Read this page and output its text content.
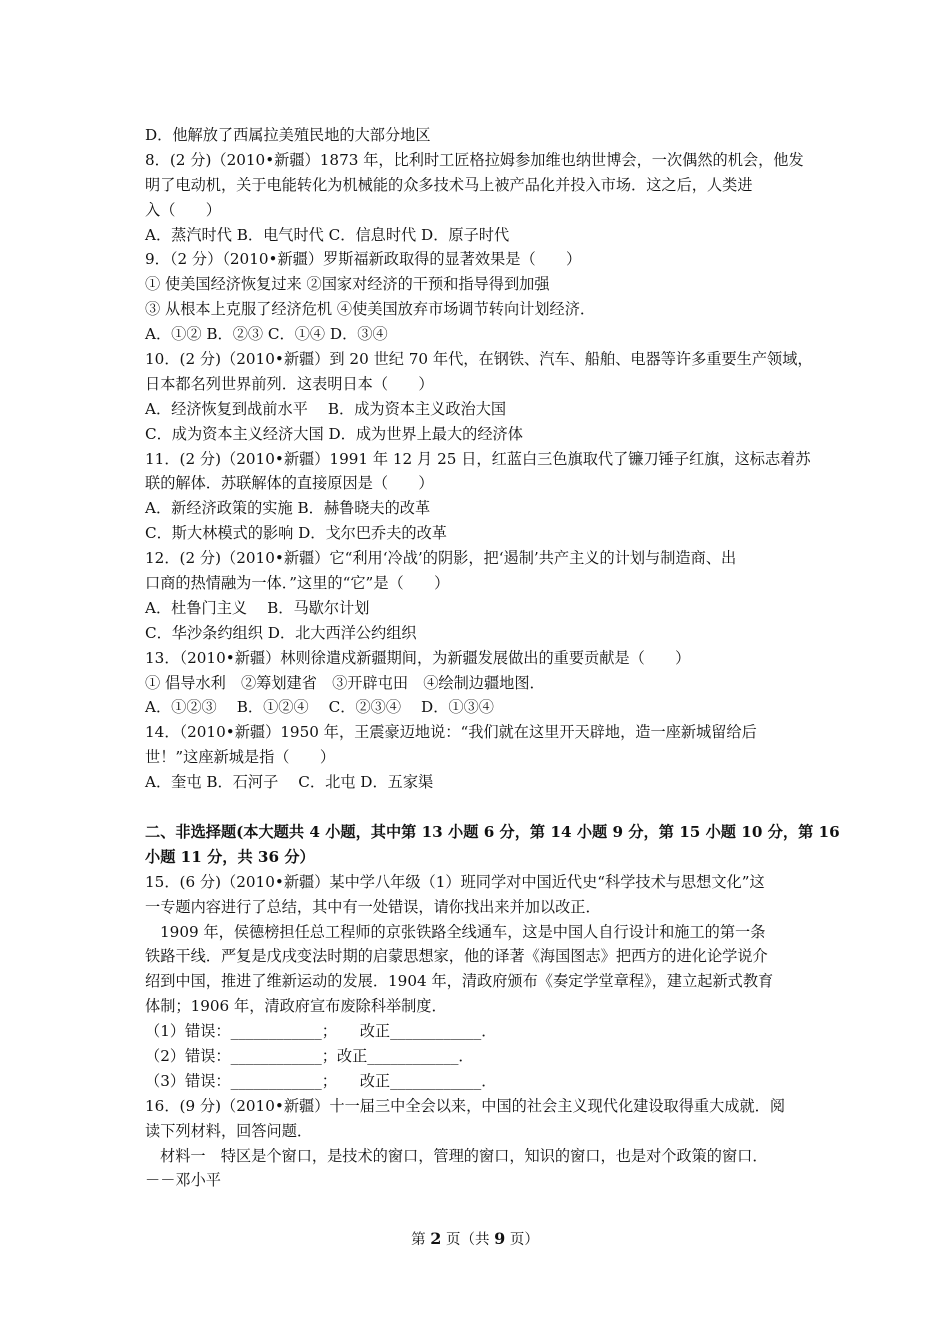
D．他解放了西属拉美殖民地的大部分地区
8．(2 分)（2010•新疆）1873 年，比利时工匠格拉姆参加维也纳世博会，一次偶然的机会，他发
明了电动机，关于电能转化为机械能的众多技术马上被产品化并投入市场．这之后，人类进
入（　　）
A．蒸汽时代 B．电气时代 C．信息时代 D．原子时代
9．（2 分）（2010•新疆）罗斯福新政取得的显著效果是（　　）
① 使美国经济恢复过来 ②国家对经济的干预和指导得到加强
③ 从根本上克服了经济危机 ④使美国放弃市场调节转向计划经济．
A．①② B．②③ C．①④ D．③④
10．(2 分)（2010•新疆）到 20 世纪 70 年代，在钢铁、汽车、船舶、电器等许多重要生产领域，
日本都名列世界前列．这表明日本（　　）
A．经济恢复到战前水平　 B．成为资本主义政治大国
C．成为资本主义经济大国 D．成为世界上最大的经济体
11．(2 分)（2010•新疆）1991 年 12 月 25 日，红蓝白三色旗取代了镰刀锤子红旗，这标志着苏
联的解体．苏联解体的直接原因是（　　）
A．新经济政策的实施 B．赫鲁晓夫的改革
C．斯大林模式的影响 D．戈尔巴乔夫的改革
12．(2 分)（2010•新疆）它“利用‘冷战’的阴影，把‘遏制’共产主义的计划与制造商、出
口商的热情融为一体．”这里的“它”是（　　）
A．杜鲁门主义　 B．马歇尔计划
C．华沙条约组织 D．北大西洋公约组织
13．（2010•新疆）林则徐遣戍新疆期间，为新疆发展做出的重要贡献是（　　）
① 倡导水利　②筹划建省　③开辟屯田　④绘制边疆地图．
A．①②③　 B．①②④　 C．②③④　 D．①③④
14．（2010•新疆）1950 年，王震豪迈地说：“我们就在这里开天辟地，造一座新城留给后
世！”这座新城是指（　　）
A．奎屯 B．石河子　 C．北屯 D．五家渠
二、非选择题(本大题共 4 小题，其中第 13 小题 6 分，第 14 小题 9 分，第 15 小题 10 分，第 16
小题 11 分，共 36 分）
15．(6 分)（2010•新疆）某中学八年级（1）班同学对中国近代史“科学技术与思想文化”这
一专题内容进行了总结，其中有一处错误，请你找出来并加以改正．
1909 年，侯德榜担任总工程师的京张铁路全线通车，这是中国人自行设计和施工的第一条
铁路干线．严复是戊戌变法时期的启蒙思想家，他的译著《海国图志》把西方的进化论学说介
绍到中国，推进了维新运动的发展．1904 年，清政府颁布《奏定学堂章程》，建立起新式教育
体制；1906 年，清政府宣布废除科举制度．
（1）错误：____________；　　改正____________．
（2）错误：____________；改正____________．
（3）错误：____________；　　改正____________．
16．(9 分)（2010•新疆）十一届三中全会以来，中国的社会主义现代化建设取得重大成就．阅
读下列材料，回答问题．
材料一　特区是个窗口，是技术的窗口，管理的窗口，知识的窗口，也是对个政策的窗口．
－－邓小平
第 2 页（共 9 页）
